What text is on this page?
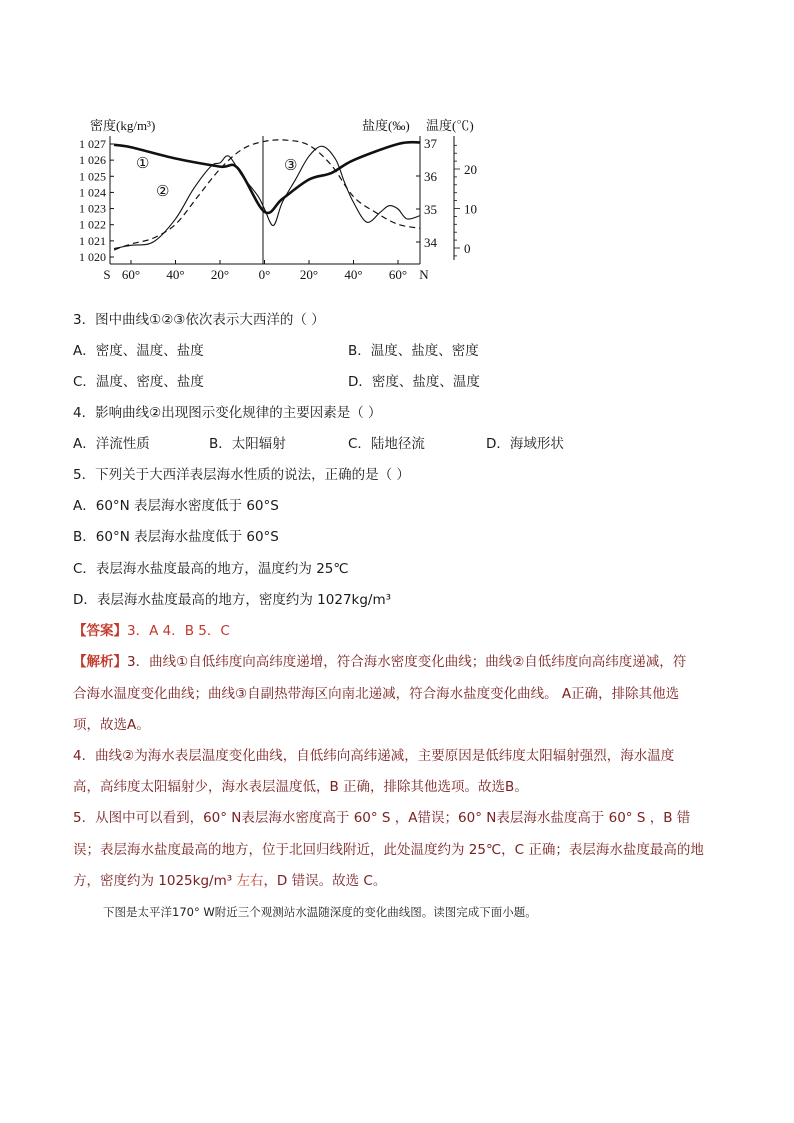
密度(kg/m³)	盐度(‰) 温度(℃)
1 027
1 026
1 025
1 024
1 023
1 022
1 021
1 020
37
36
35
34
20
10
0
S 60° 40° 20° 0° 20° 40° 60° N
①
②
③
3．图中曲线①②③依次表示大西洋的（ ）
A．密度、温度、盐度	B．温度、盐度、密度
C．温度、密度、盐度	D．密度、盐度、温度
4．影响曲线②出现图示变化规律的主要因素是（ ）
A．洋流性质	B．太阳辐射	C．陆地径流	D．海域形状
5．下列关于大西洋表层海水性质的说法，正确的是（ ）
A．60°N 表层海水密度低于 60°S
B．60°N 表层海水盐度低于 60°S
C．表层海水盐度最高的地方，温度约为 25℃
D．表层海水盐度最高的地方，密度约为 1027kg/m³
【答案】3．A 4．B 5．C
【解析】3．曲线①自低纬度向高纬度递增，符合海水密度变化曲线；曲线②自低纬度向高纬度递减，符
合海水温度变化曲线；曲线③自副热带海区向南北递减，符合海水盐度变化曲线。 A正确，排除其他选
项，故选A。
4．曲线②为海水表层温度变化曲线，自低纬向高纬递减，主要原因是低纬度太阳辐射强烈，海水温度
高，高纬度太阳辐射少，海水表层温度低，B 正确，排除其他选项。故选B。
5．从图中可以看到，60° N表层海水密度高于 60° S ，A错误；60° N表层海水盐度高于 60° S ，B 错
误；表层海水盐度最高的地方，位于北回归线附近，此处温度约为 25℃，C 正确；表层海水盐度最高的地
方，密度约为 1025kg/m³ 左右，D 错误。故选 C。
下图是太平洋170° W附近三个观测站水温随深度的变化曲线图。读图完成下面小题。
